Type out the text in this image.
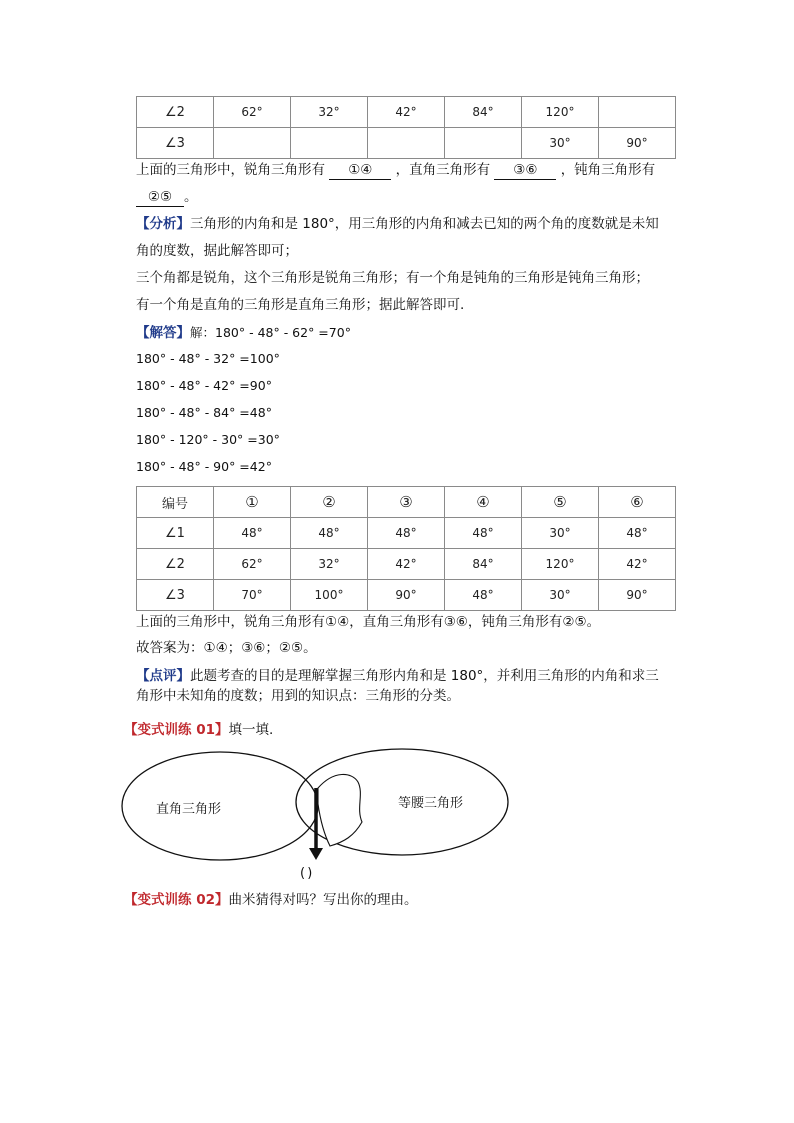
∠2	62°	32°	42°	84°	120°	
∠3					30°	90°
上面的三角形中，锐角三角形有 ①④ ，直角三角形有 ③⑥ ，钝角三角形有
②⑤ 。
【分析】三角形的内角和是 180°，用三角形的内角和减去已知的两个角的度数就是未知
角的度数，据此解答即可；
三个角都是锐角，这个三角形是锐角三角形；有一个角是钝角的三角形是钝角三角形；
有一个角是直角的三角形是直角三角形；据此解答即可.
【解答】解：180° - 48° - 62° =70°
180° - 48° - 32° =100°
180° - 48° - 42° =90°
180° - 48° - 84° =48°
180° - 120° - 30° =30°
180° - 48° - 90° =42°
编号	①	②	③	④	⑤	⑥
∠1	48°	48°	48°	48°	30°	48°
∠2	62°	32°	42°	84°	120°	42°
∠3	70°	100°	90°	48°	30°	90°
上面的三角形中，锐角三角形有①④，直角三角形有③⑥，钝角三角形有②⑤。
故答案为：①④；③⑥；②⑤。
【点评】此题考查的目的是理解掌握三角形内角和是 180°，并利用三角形的内角和求三
角形中未知角的度数；用到的知识点：三角形的分类。
【变式训练 01】填一填.
直角三角形	等腰三角形
( )
【变式训练 02】曲米猜得对吗？写出你的理由。
